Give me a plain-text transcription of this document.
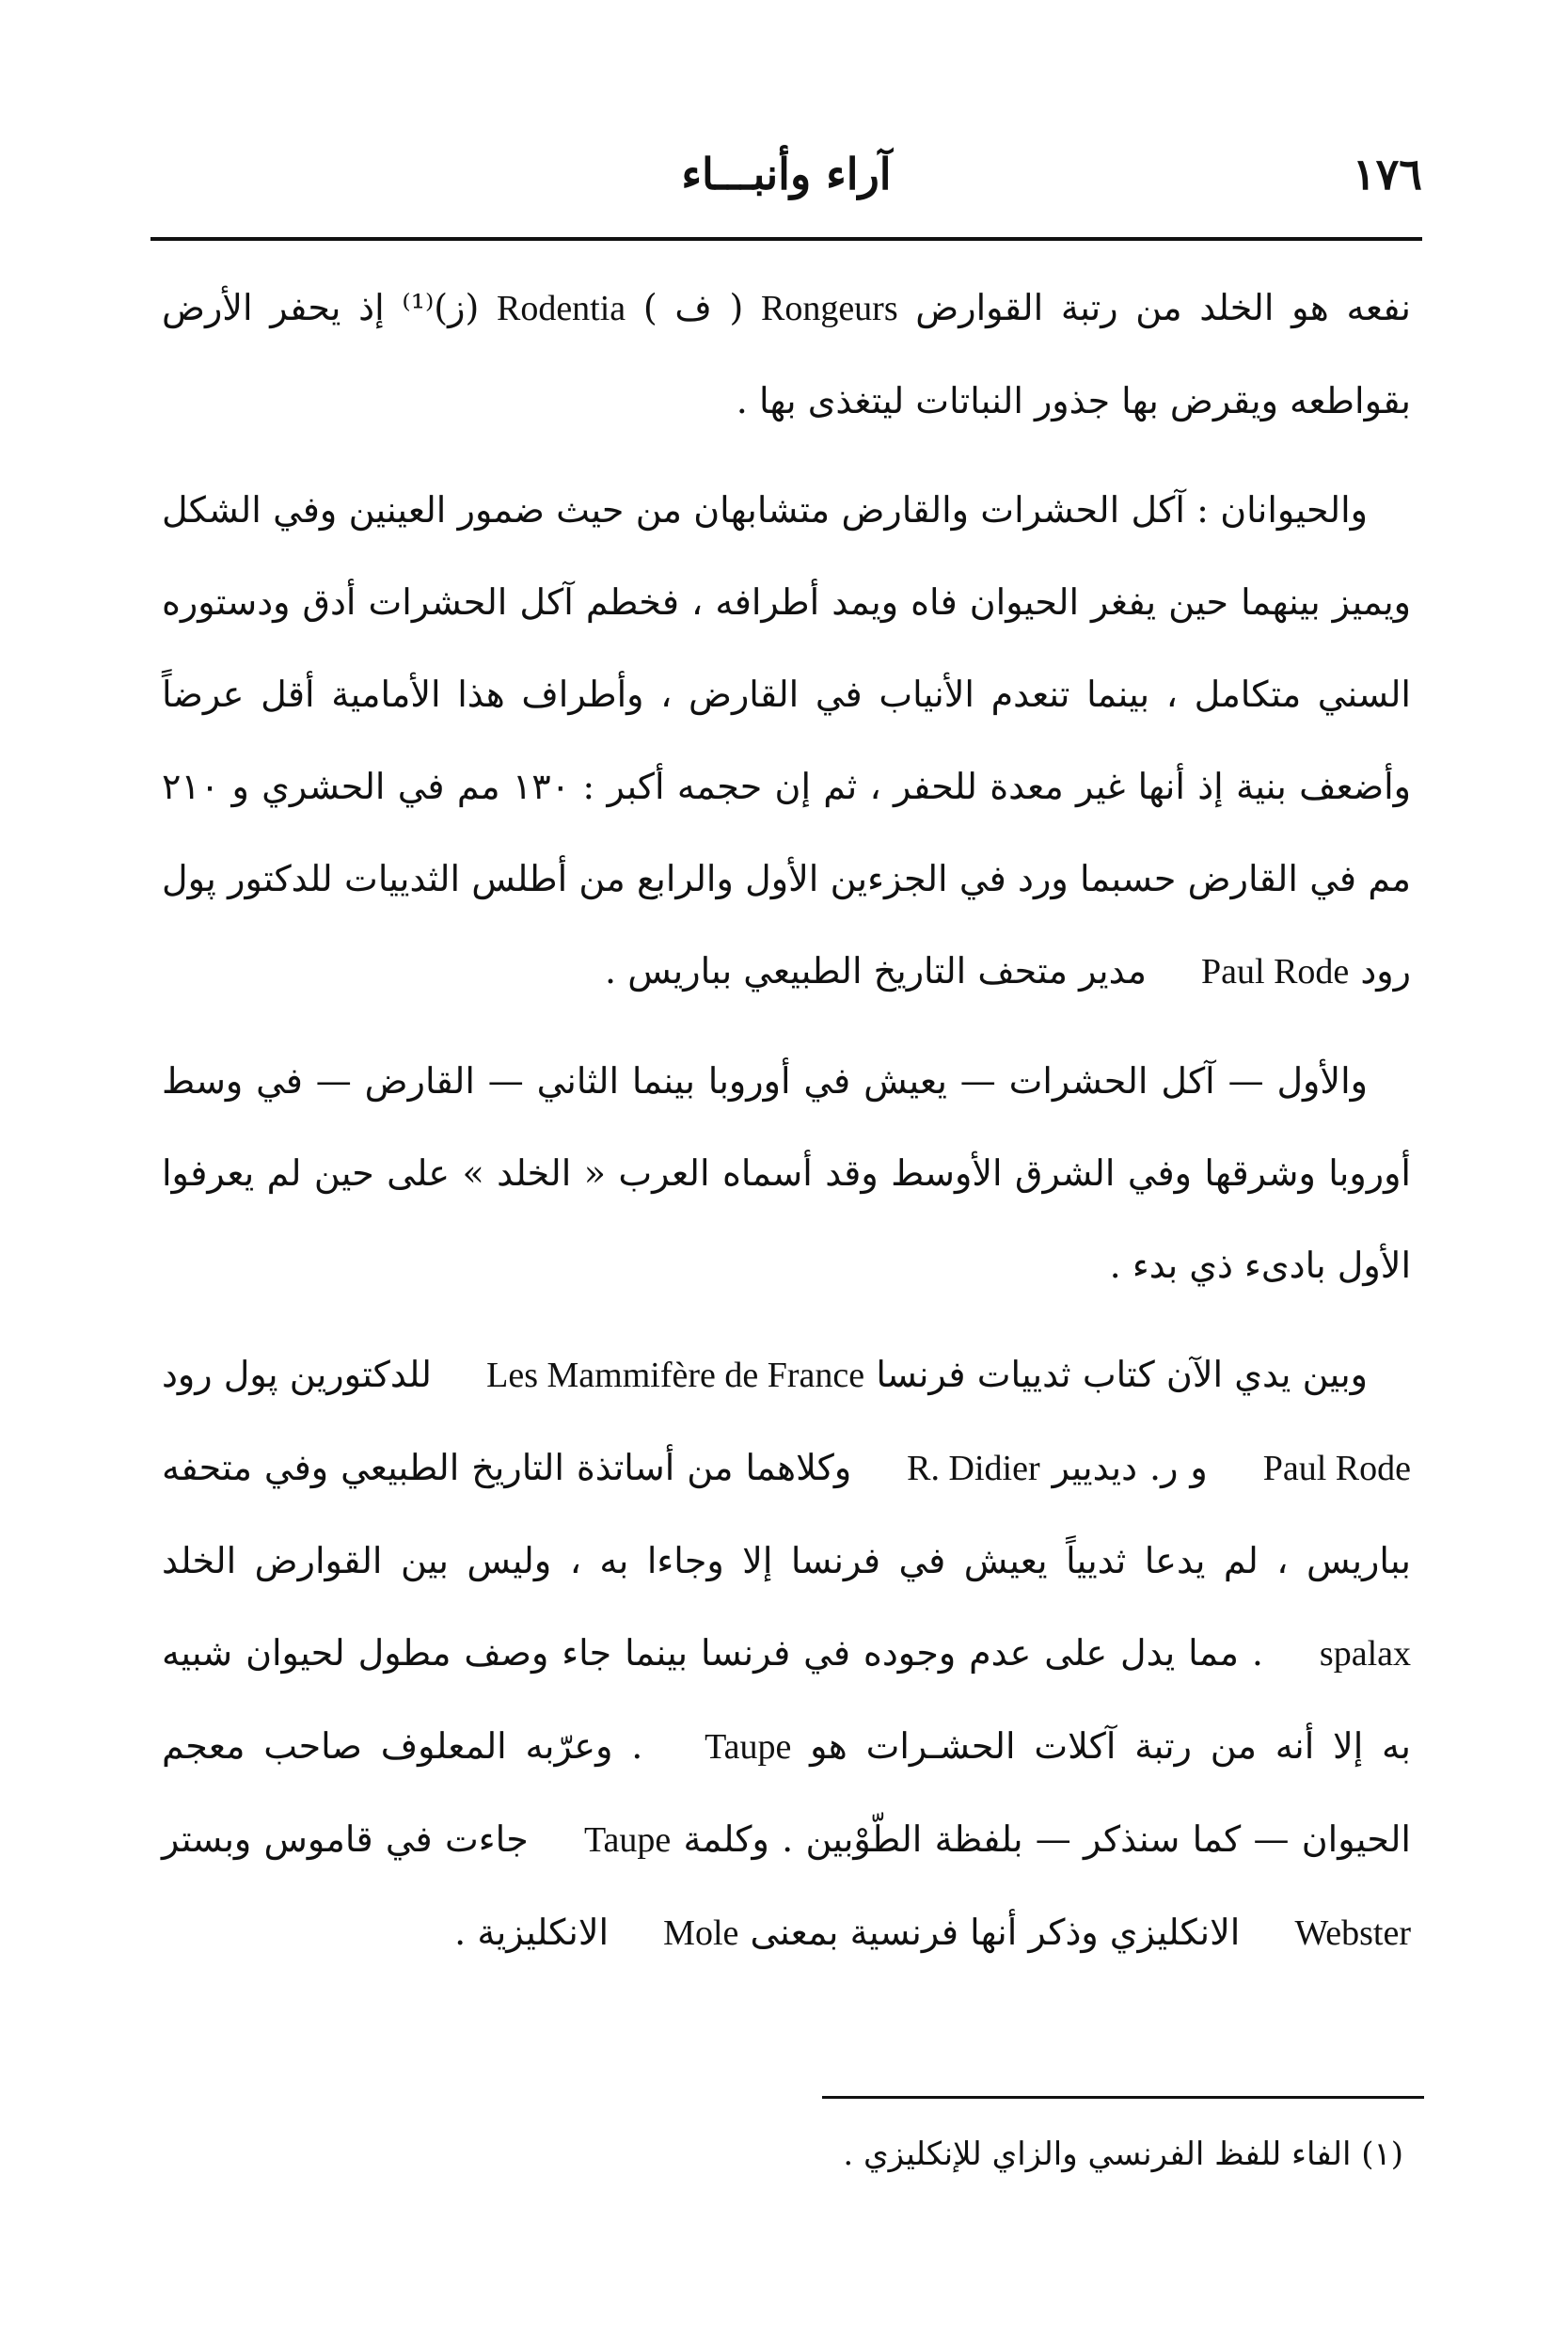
١٧٦
آراء وأنبـــاء

نفعه هو الخلد من رتبة القوارض Rongeurs ( ف ) Rodentia (ز)⁽¹⁾ إذ يحفر الأرض بقواطعه ويقرض بها جذور النباتات ليتغذى بها .

والحيوانان : آكل الحشرات والقارض متشابهان من حيث ضمور العينين وفي الشكل ويميز بينهما حين يفغر الحيوان فاه ويمد أطرافه ، فخطم آكل الحشرات أدق ودستوره السني متكامل ، بينما تنعدم الأنياب في القارض ، وأطراف هذا الأمامية أقل عرضاً وأضعف بنية إذ أنها غير معدة للحفر ، ثم إن حجمه أكبر : ١٣٠ مم في الحشري و ٢١٠ مم في القارض حسبما ورد في الجزءين الأول والرابع من أطلس الثدييات للدكتور پول رود Paul Rode مدير متحف التاريخ الطبيعي بباريس .

والأول — آكل الحشرات — يعيش في أوروبا بينما الثاني — القارض — في وسط أوروبا وشرقها وفي الشرق الأوسط وقد أسماه العرب « الخلد » على حين لم يعرفوا الأول بادىء ذي بدء .

وبين يدي الآن كتاب ثدييات فرنسا Les Mammifère de France للدكتورين پول رود Paul Rode و ر. ديديير R. Didier وكلاهما من أساتذة التاريخ الطبيعي وفي متحفه بباريس ، لم يدعا ثديياً يعيش في فرنسا إلا وجاءا به ، وليس بين القوارض الخلد spalax . مما يدل على عدم وجوده في فرنسا بينما جاء وصف مطول لحيوان شبيه به إلا أنه من رتبة آكلات الحشـرات هو Taupe . وعرّبه المعلوف صاحب معجم الحيوان — كما سنذكر — بلفظة الطّوْبين . وكلمة Taupe جاءت في قاموس وبستر Webster الانكليزي وذكر أنها فرنسية بمعنى Mole الانكليزية .

(١) الفاء للفظ الفرنسي والزاي للإنكليزي .
